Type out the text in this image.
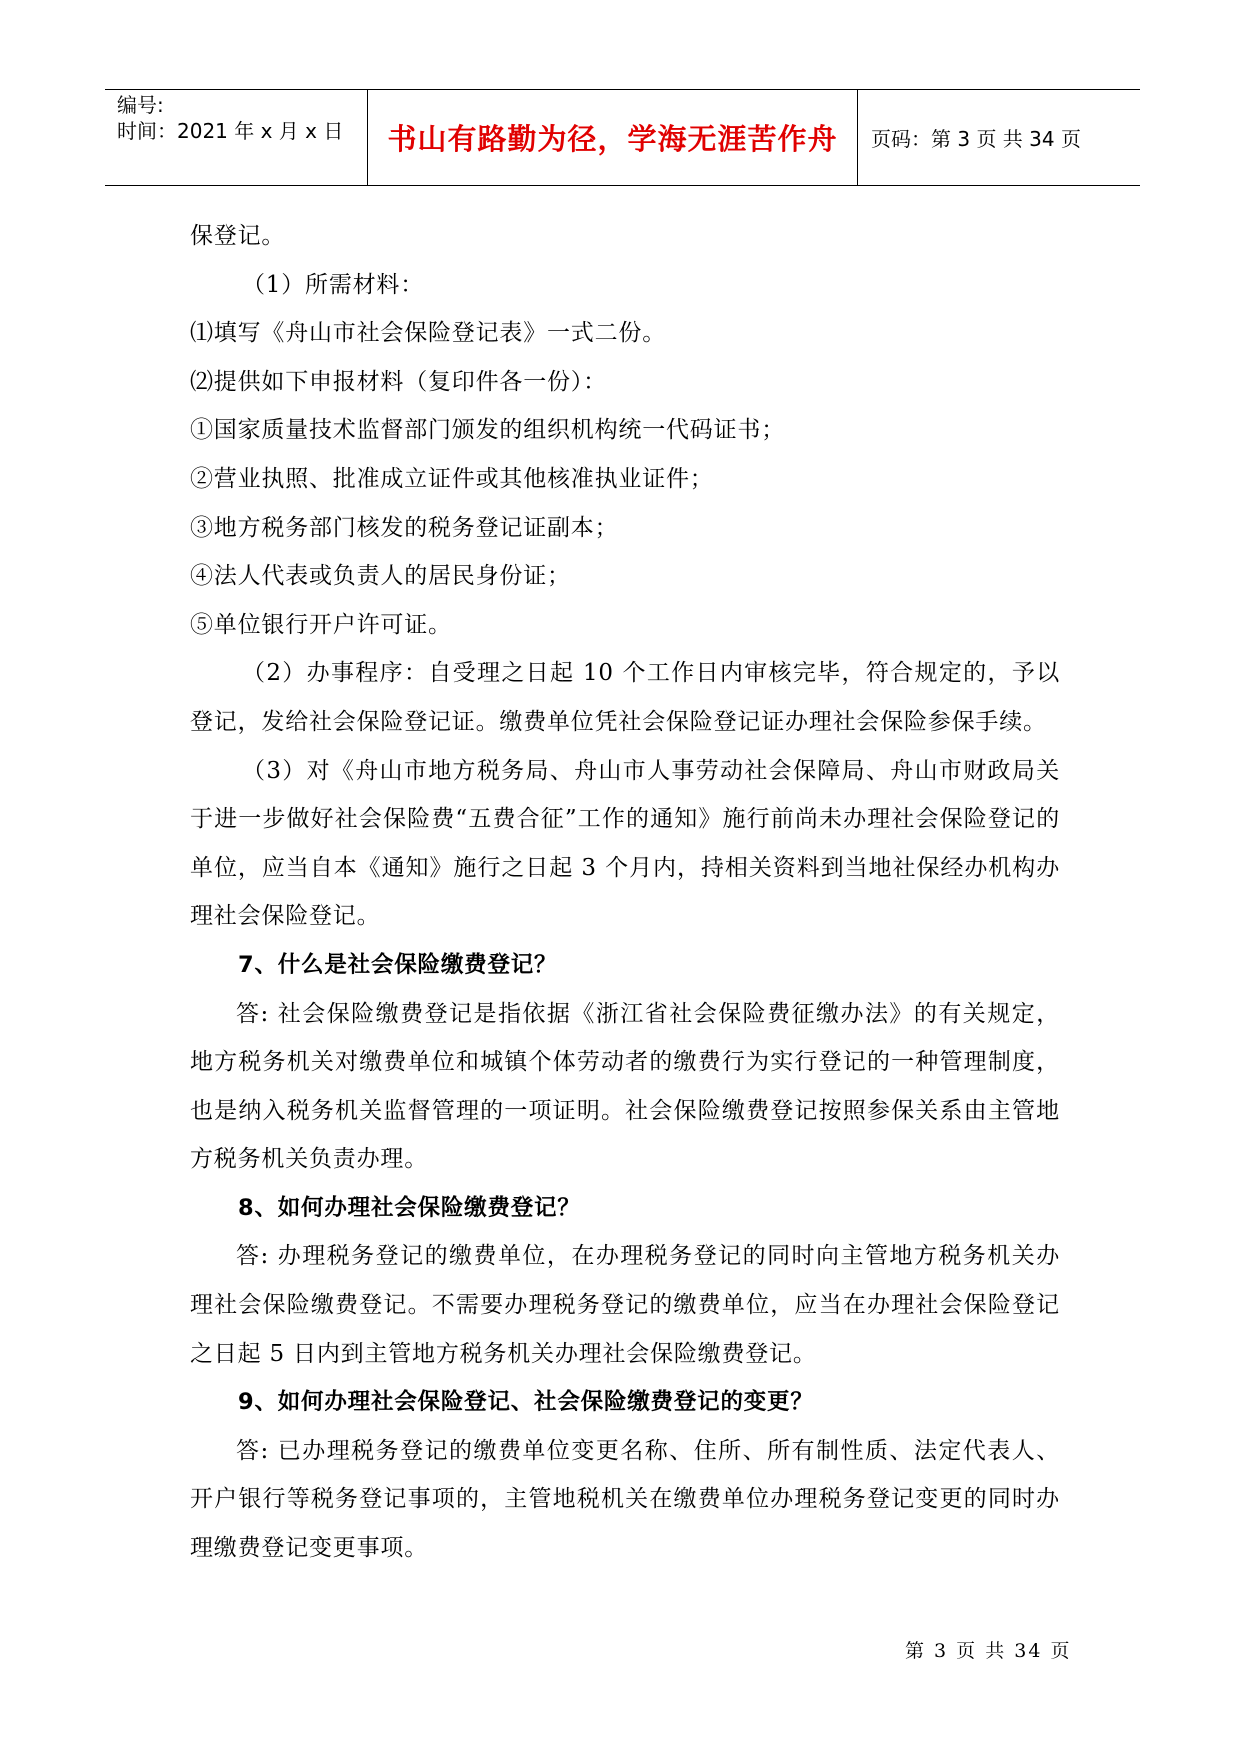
编号:
时间：2021 年 x 月 x 日 书山有路勤为径，学海无涯苦作舟 页码：第 3 页 共 34 页

保登记。

（1）所需材料：

⑴填写《舟山市社会保险登记表》一式二份。

⑵提供如下申报材料（复印件各一份）：

①国家质量技术监督部门颁发的组织机构统一代码证书；

②营业执照、批准成立证件或其他核准执业证件；

③地方税务部门核发的税务登记证副本；

④法人代表或负责人的居民身份证；

⑤单位银行开户许可证。

（2）办事程序：自受理之日起 10 个工作日内审核完毕，符合规定的，予以登记，发给社会保险登记证。缴费单位凭社会保险登记证办理社会保险参保手续。

（3）对《舟山市地方税务局、舟山市人事劳动社会保障局、舟山市财政局关于进一步做好社会保险费“五费合征”工作的通知》施行前尚未办理社会保险登记的单位，应当自本《通知》施行之日起 3 个月内，持相关资料到当地社保经办机构办理社会保险登记。

7、什么是社会保险缴费登记？

答: 社会保险缴费登记是指依据《浙江省社会保险费征缴办法》的有关规定，地方税务机关对缴费单位和城镇个体劳动者的缴费行为实行登记的一种管理制度，也是纳入税务机关监督管理的一项证明。社会保险缴费登记按照参保关系由主管地方税务机关负责办理。

8、如何办理社会保险缴费登记？

答: 办理税务登记的缴费单位，在办理税务登记的同时向主管地方税务机关办理社会保险缴费登记。不需要办理税务登记的缴费单位，应当在办理社会保险登记之日起 5 日内到主管地方税务机关办理社会保险缴费登记。

9、如何办理社会保险登记、社会保险缴费登记的变更？

答: 已办理税务登记的缴费单位变更名称、住所、所有制性质、法定代表人、开户银行等税务登记事项的，主管地税机关在缴费单位办理税务登记变更的同时办理缴费登记变更事项。

第 3 页 共 34 页
